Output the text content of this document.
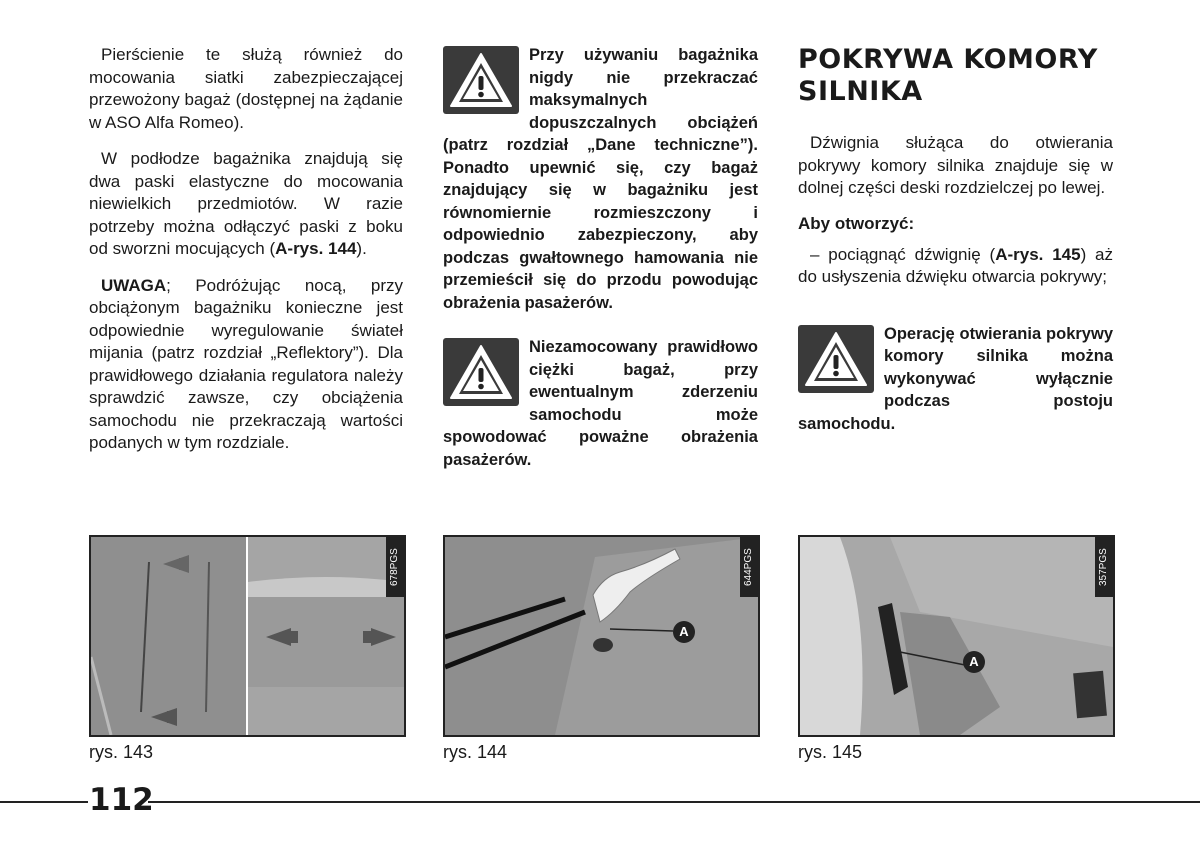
Pierścienie te służą również do mocowania siatki zabezpieczającej przewożony bagaż (dostępnej na żądanie w ASO Alfa Romeo).

W podłodze bagażnika znajdują się dwa paski elastyczne do mocowania niewielkich przedmiotów. W razie potrzeby można odłączyć paski z boku od sworzni mocujących (A-rys. 144).

UWAGA; Podróżując nocą, przy obciążonym bagażniku konieczne jest odpowiednie wyregulowanie świateł mijania (patrz rozdział „Reflektory”). Dla prawidłowego działania regulatora należy sprawdzić zawsze, czy obciążenia samochodu nie przekraczają wartości podanych w tym rozdziale.

Przy używaniu bagażnika nigdy nie przekraczać maksymalnych dopuszczalnych obciążeń (patrz rozdział „Dane techniczne”). Ponadto upewnić się, czy bagaż znajdujący się w bagażniku jest równomiernie rozmieszczony i odpowiednio zabezpieczony, aby podczas gwałtownego hamowania nie przemieścił się do przodu powodując obrażenia pasażerów.
Niezamocowany prawidłowo ciężki bagaż, przy ewentualnym zderzeniu samochodu może spowodować poważne obrażenia pasażerów.
POKRYWA KOMORY SILNIKA

Dźwignia służąca do otwierania pokrywy komory silnika znajduje się w dolnej części deski rozdzielczej po lewej.

Aby otworzyć:

– pociągnąć dźwignię (A-rys. 145) aż do usłyszenia dźwięku otwarcia pokrywy;

Operację otwierania pokrywy komory silnika można wykonywać wyłącznie podczas postoju samochodu.
678PGS
rys. 143
A
644PGS
rys. 144
A
357PGS
rys. 145
112
